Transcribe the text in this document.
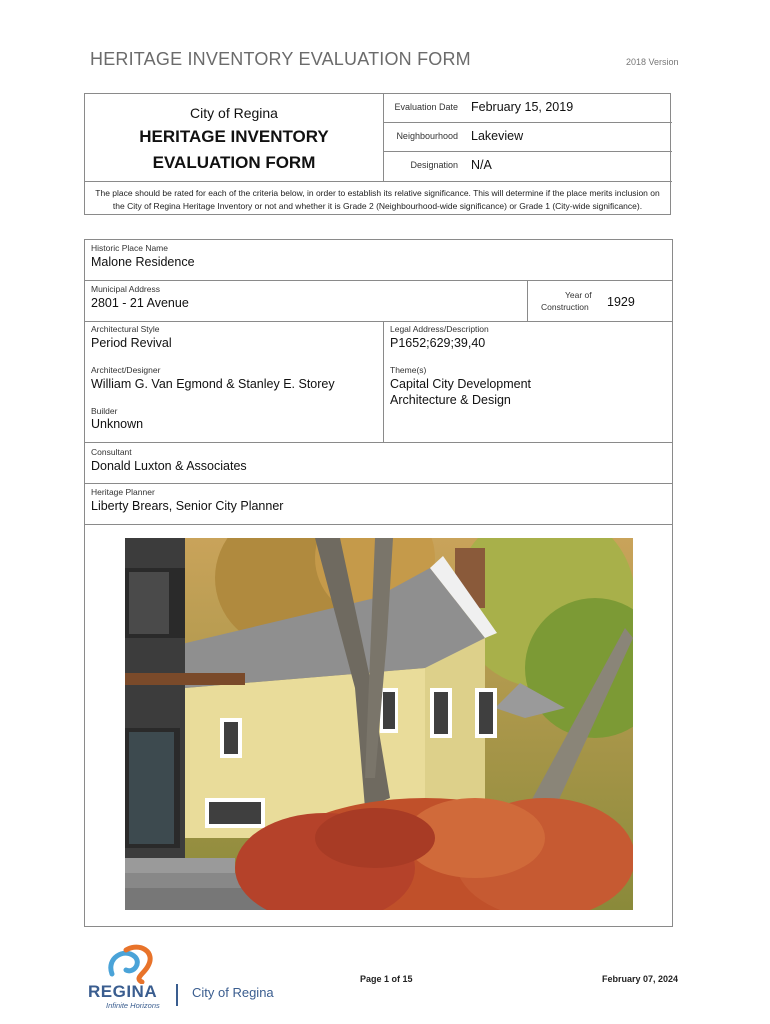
HERITAGE INVENTORY EVALUATION FORM	2018 Version
City of Regina
HERITAGE INVENTORY
EVALUATION FORM
Evaluation Date February 15, 2019
Neighbourhood Lakeview
Designation N/A
The place should be rated for each of the criteria below, in order to establish its relative significance. This will determine if the place merits inclusion on the City of Regina Heritage Inventory or not and whether it is Grade 2 (Neighbourhood-wide significance) or Grade 1 (City-wide significance).
Historic Place Name
Malone Residence
Municipal Address
2801 - 21 Avenue
Year of
Construction 1929
Architectural Style
Period Revival
Legal Address/Description
P1652;629;39,40
Architect/Designer
William G. Van Egmond & Stanley E. Storey
Theme(s)
Capital City Development
Architecture & Design
Builder
Unknown
Consultant
Donald Luxton & Associates
Heritage Planner
Liberty Brears, Senior City Planner
REGINA
Infinite Horizons
City of Regina
Page 1 of 15	February 07, 2024
